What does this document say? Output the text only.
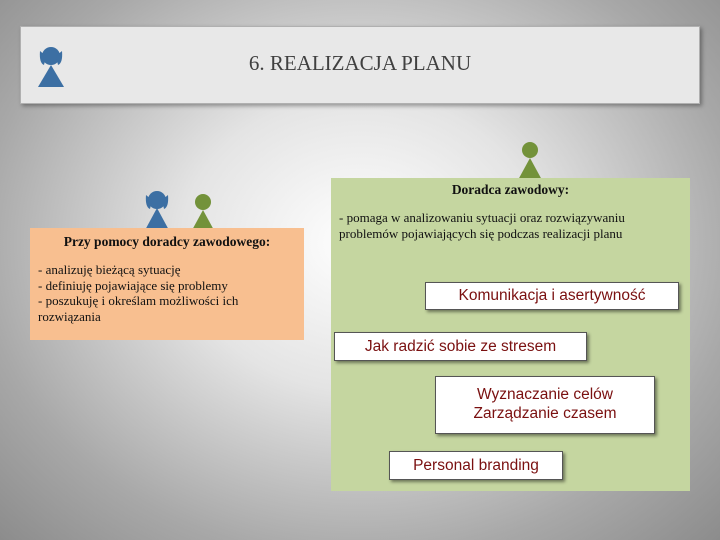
6. REALIZACJA PLANU
Przy pomocy doradcy zawodowego:
- analizuję bieżącą sytuację
- definiuję pojawiające się problemy
- poszukuję i określam możliwości ich rozwiązania
Doradca zawodowy:
- pomaga w analizowaniu sytuacji oraz rozwiązywaniu problemów pojawiających się podczas realizacji planu
Komunikacja i asertywność
Jak radzić sobie ze stresem
Wyznaczanie celów
Zarządzanie czasem
Personal branding
